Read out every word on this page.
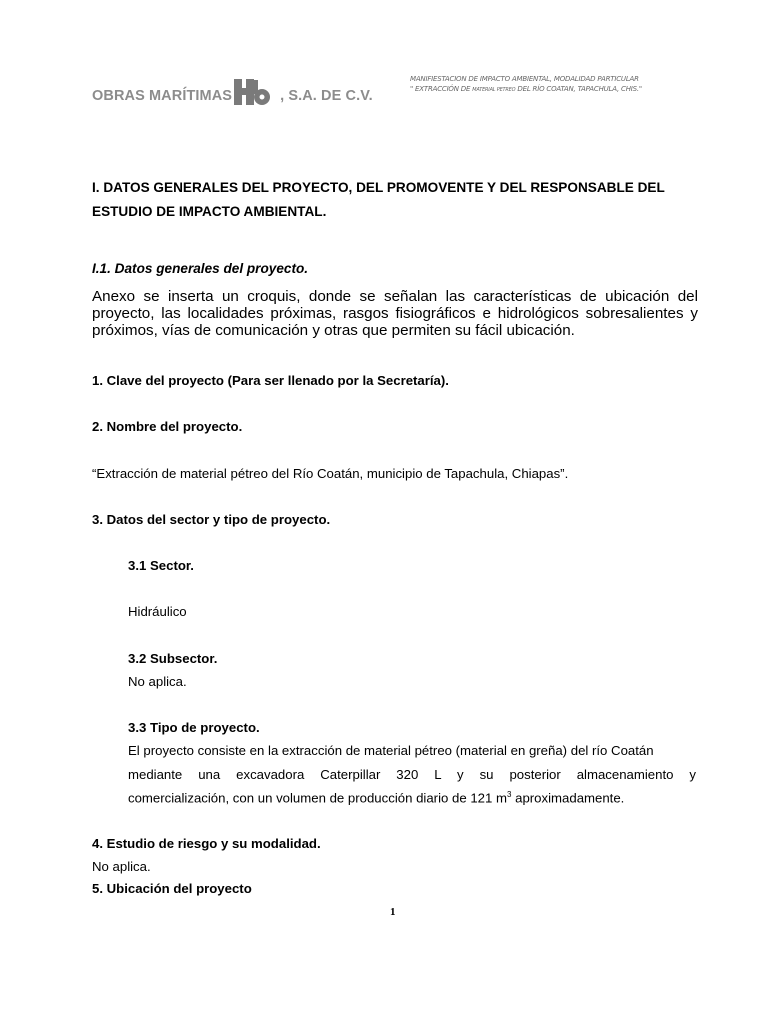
OBRAS MARÍTIMAS	, S.A. DE C.V.
MANIFIESTACION DE IMPACTO AMBIENTAL, MODALIDAD PARTICULAR
" EXTRACCIÓN DE MATERIAL PETREO DEL RÍO COATAN, TAPACHULA, CHIS."
I. DATOS GENERALES DEL PROYECTO, DEL PROMOVENTE Y DEL RESPONSABLE DEL
ESTUDIO DE IMPACTO AMBIENTAL.
I.1. Datos generales del proyecto.
Anexo se inserta un croquis, donde se señalan las características de ubicación del proyecto, las localidades próximas, rasgos fisiográficos e hidrológicos sobresalientes y próximos, vías de comunicación y otras que permiten su fácil ubicación.
1. Clave del proyecto (Para ser llenado por la Secretaría).
2. Nombre del proyecto.
“Extracción de material pétreo del Río Coatán, municipio de Tapachula, Chiapas”.
3. Datos del sector y tipo de proyecto.
3.1 Sector.
Hidráulico
3.2 Subsector.
No aplica.
3.3 Tipo de proyecto.
El proyecto consiste en la extracción de material pétreo (material en greña) del río Coatán
mediante una excavadora Caterpillar 320 L y su posterior almacenamiento y
comercialización, con un volumen de producción diario de 121 $m^3$ aproximadamente.
4. Estudio de riesgo y su modalidad.
No aplica.
5. Ubicación del proyecto
1
